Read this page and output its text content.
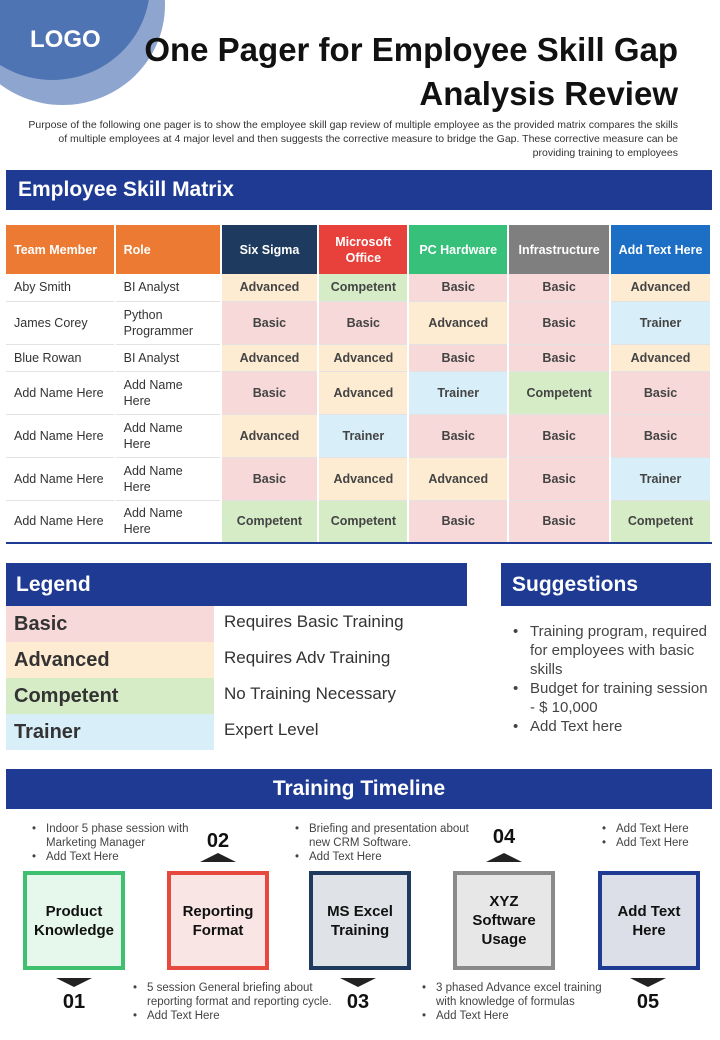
LOGO One Pager for Employee Skill Gap Analysis Review
Purpose of the following one pager is to show the employee skill gap review of multiple employee as the provided matrix compares the skills of multiple employees at 4 major level and then suggests the corrective measure to bridge the Gap. These corrective measure can be providing training to employees
Employee Skill Matrix
Team Member	Role	Six Sigma	Microsoft Office	PC Hardware	Infrastructure	Add Text Here
Aby Smith	BI Analyst	Advanced	Competent	Basic	Basic	Advanced
James Corey	Python Programmer	Basic	Basic	Advanced	Basic	Trainer
Blue Rowan	BI Analyst	Advanced	Advanced	Basic	Basic	Advanced
Add Name Here	Add Name Here	Basic	Advanced	Trainer	Competent	Basic
Add Name Here	Add Name Here	Advanced	Trainer	Basic	Basic	Basic
Add Name Here	Add Name Here	Basic	Advanced	Advanced	Basic	Trainer
Add Name Here	Add Name Here	Competent	Competent	Basic	Basic	Competent
Legend
Basic	Requires Basic Training
Advanced	Requires Adv Training
Competent	No Training Necessary
Trainer	Expert Level
Suggestions
• Training program, required for employees with basic skills
• Budget for training session - $ 10,000
• Add Text here
Training Timeline
• Indoor 5 phase session with Marketing Manager
• Add Text Here
• Briefing and presentation about new CRM Software.
• Add Text Here
• Add Text Here
• Add Text Here
02	04
Product Knowledge
Reporting Format
MS Excel Training
XYZ Software Usage
Add Text Here
01	03	05
• 5 session General briefing about reporting format and reporting cycle.
• Add Text Here
• 3 phased Advance excel training with knowledge of formulas
• Add Text Here
